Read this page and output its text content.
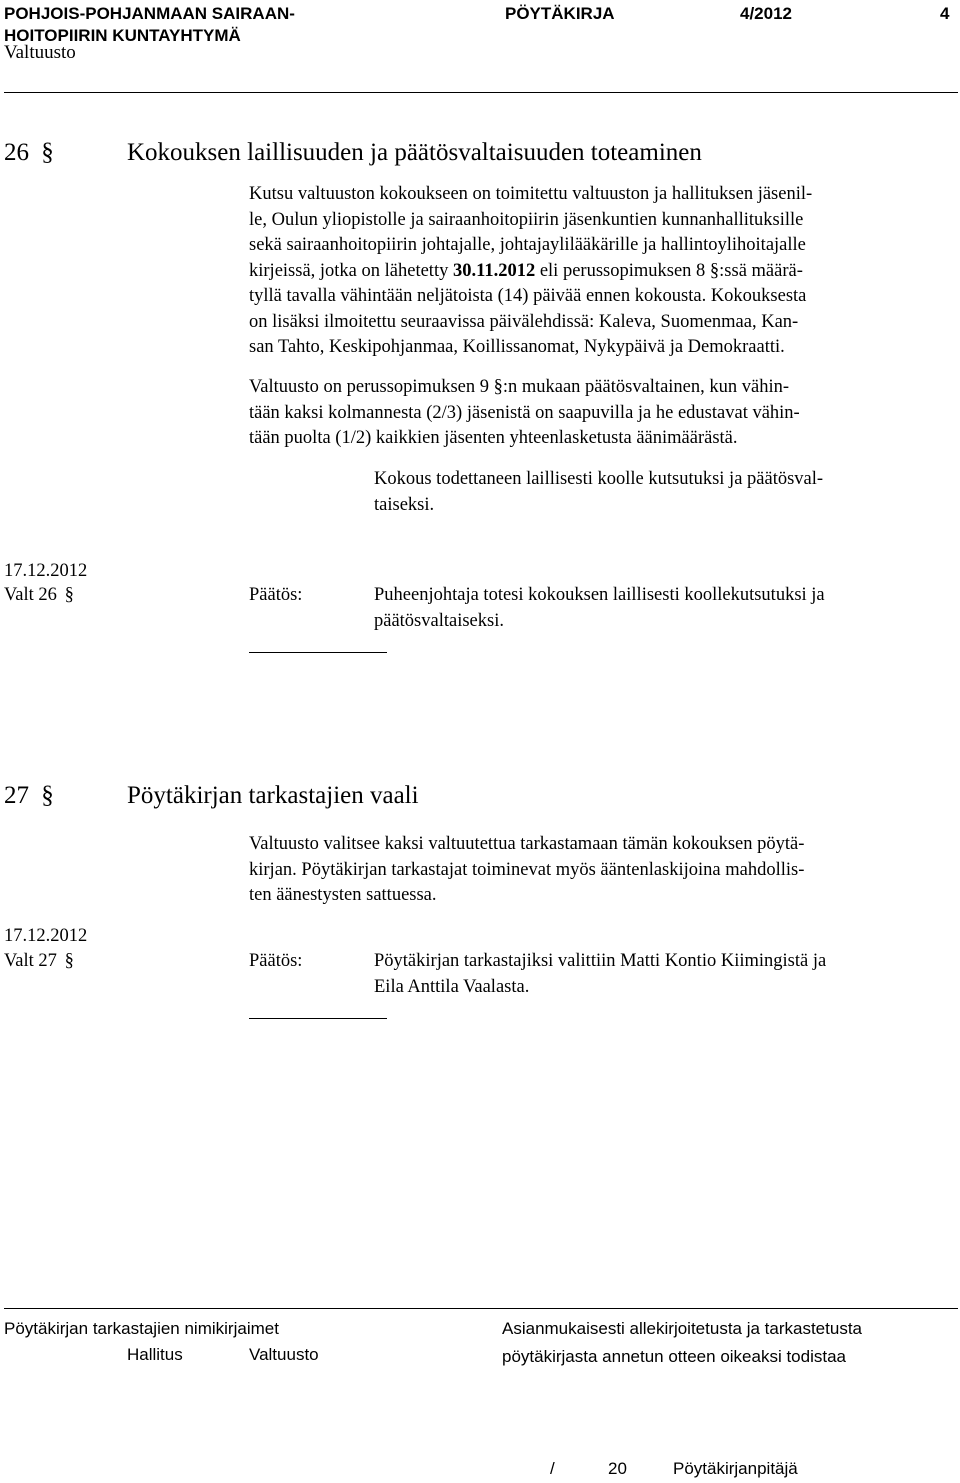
POHJOIS-POHJANMAAN SAIRAAN-
HOITOPIIRIN KUNTAYHTYMÄ
PÖYTÄKIRJA	4/2012	4
Valtuusto
26 §	Kokouksen laillisuuden ja päätösvaltaisuuden toteaminen
Kutsu valtuuston kokoukseen on toimitettu valtuuston ja hallituksen jäsenil-
le, Oulun yliopistolle ja sairaanhoitopiirin jäsenkuntien kunnanhallituksille
sekä sairaanhoitopiirin johtajalle, johtajaylilääkärille ja hallintoylihoitajalle
kirjeissä, jotka on lähetetty 30.11.2012 eli perussopimuksen 8 §:ssä määrä-
tyllä tavalla vähintään neljätoista (14) päivää ennen kokousta. Kokouksesta
on lisäksi ilmoitettu seuraavissa päivälehdissä: Kaleva, Suomenmaa, Kan-
san Tahto, Keskipohjanmaa, Koillissanomat, Nykypäivä ja Demokraatti.
Valtuusto on perussopimuksen 9 §:n mukaan päätösvaltainen, kun vähin-
tään kaksi kolmannesta (2/3) jäsenistä on saapuvilla ja he edustavat vähin-
tään puolta (1/2) kaikkien jäsenten yhteenlasketusta äänimäärästä.
Kokous todettaneen laillisesti koolle kutsutuksi ja päätösval-
taiseksi.
17.12.2012
Valt 26 §	Päätös:	Puheenjohtaja totesi kokouksen laillisesti koollekutsutuksi ja
päätösvaltaiseksi.
27 §	Pöytäkirjan tarkastajien vaali
Valtuusto valitsee kaksi valtuutettua tarkastamaan tämän kokouksen pöytä-
kirjan. Pöytäkirjan tarkastajat toiminevat myös ääntenlaskijoina mahdollis-
ten äänestysten sattuessa.
17.12.2012
Valt 27 §	Päätös:	Pöytäkirjan tarkastajiksi valittiin Matti Kontio Kiimingistä ja
Eila Anttila Vaalasta.
Pöytäkirjan tarkastajien nimikirjaimet
Hallitus	Valtuusto
Asianmukaisesti allekirjoitetusta ja tarkastetusta
pöytäkirjasta annetun otteen oikeaksi todistaa
/	20	Pöytäkirjanpitäjä
